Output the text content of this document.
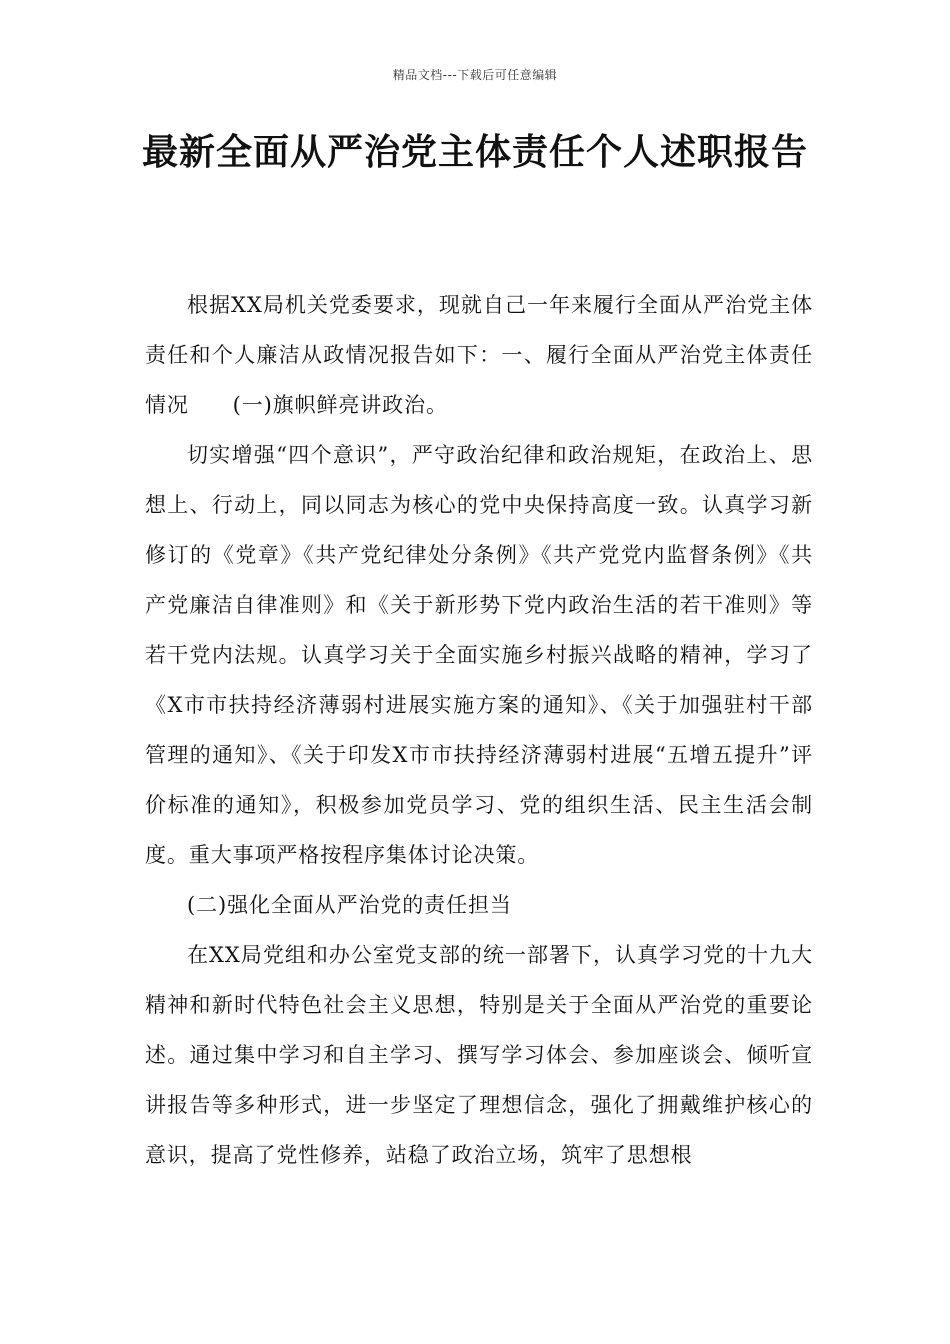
精品文档---下载后可任意编辑
最新全面从严治党主体责任个人述职报告

根据XX局机关党委要求，现就自己一年来履行全面从严治党主体责任和个人廉洁从政情况报告如下：一、履行全面从严治党主体责任情况　　(一)旗帜鲜亮讲政治。

切实增强“四个意识”，严守政治纪律和政治规矩，在政治上、思想上、行动上，同以同志为核心的党中央保持高度一致。认真学习新修订的《党章》《共产党纪律处分条例》《共产党党内监督条例》《共产党廉洁自律准则》和《关于新形势下党内政治生活的若干准则》等若干党内法规。认真学习关于全面实施乡村振兴战略的精神，学习了《X市市扶持经济薄弱村进展实施方案的通知》、《关于加强驻村干部管理的通知》、《关于印发X市市扶持经济薄弱村进展“五增五提升”评价标准的通知》，积极参加党员学习、党的组织生活、民主生活会制度。重大事项严格按程序集体讨论决策。

(二)强化全面从严治党的责任担当

在XX局党组和办公室党支部的统一部署下，认真学习党的十九大精神和新时代特色社会主义思想，特别是关于全面从严治党的重要论述。通过集中学习和自主学习、撰写学习体会、参加座谈会、倾听宣讲报告等多种形式，进一步坚定了理想信念，强化了拥戴维护核心的意识，提高了党性修养，站稳了政治立场，筑牢了思想根
